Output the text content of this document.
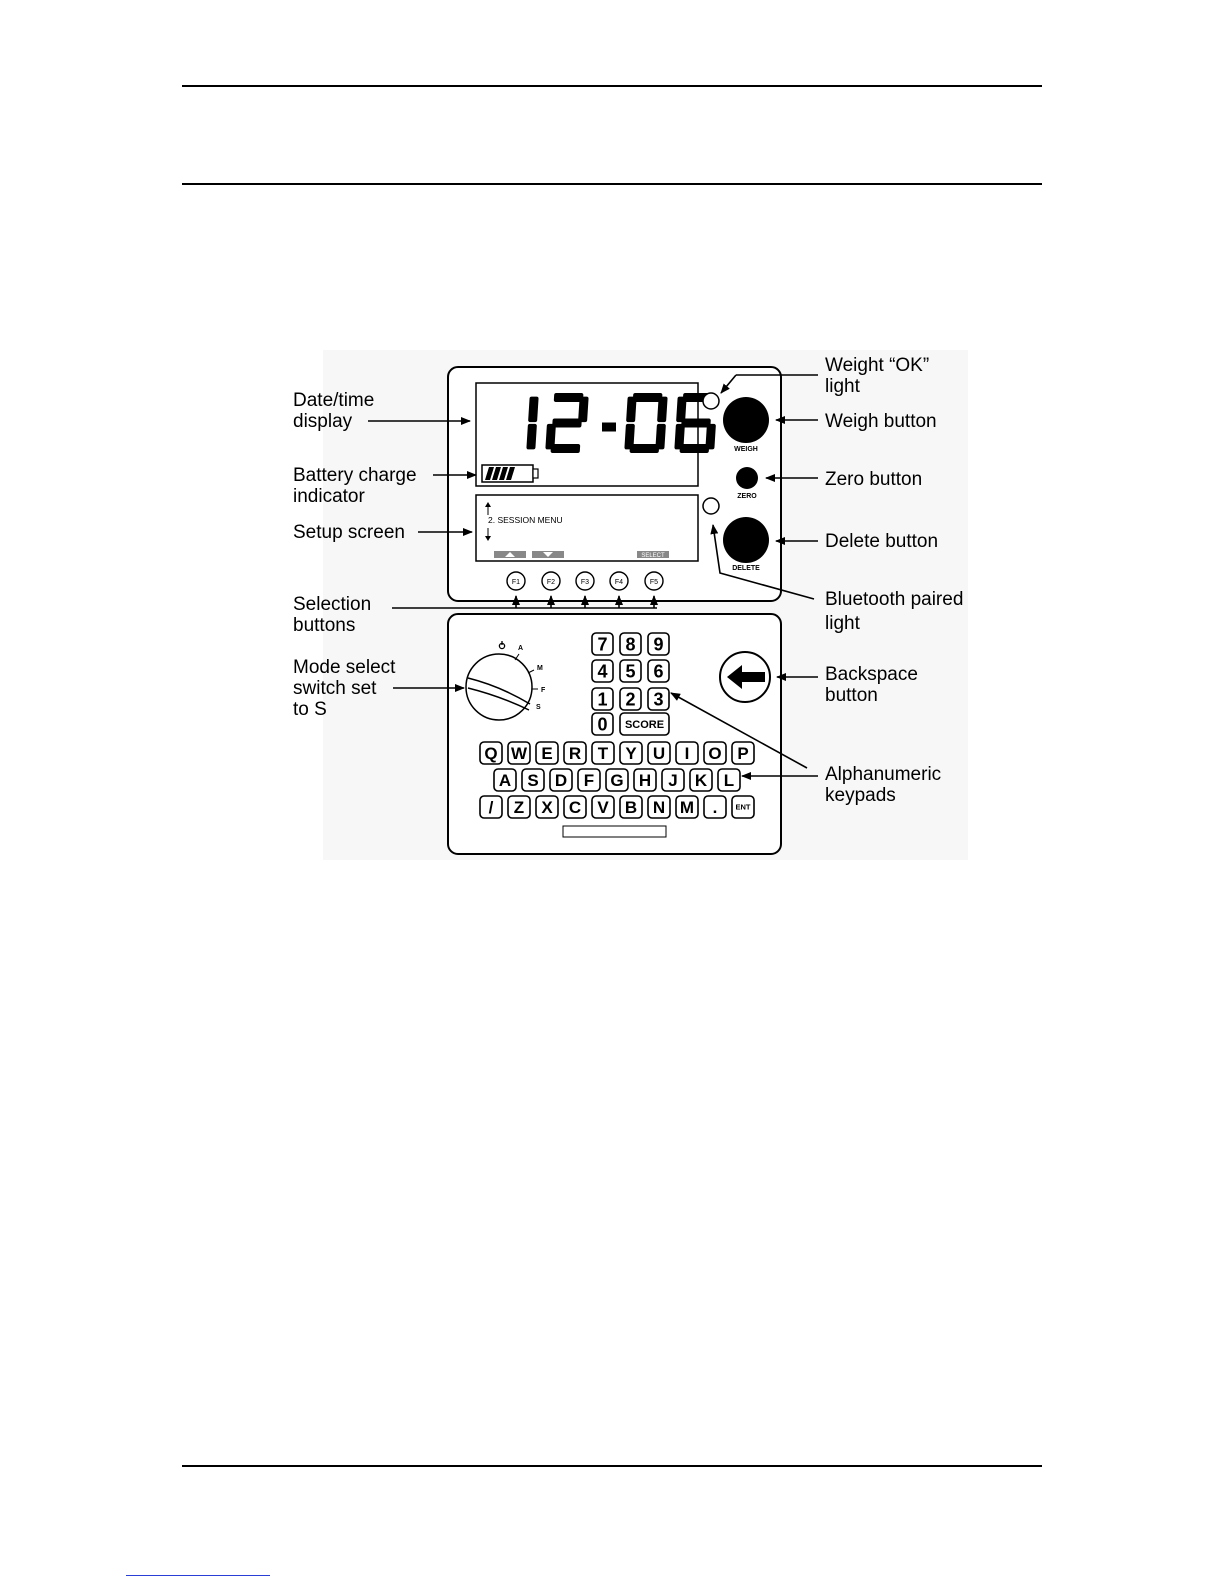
12-06
2. SESSION MENU
SELECT
WEIGH
ZERO
DELETE
F1	F2	F3	F4	F5
A
M
F
S
7 8 9
4 5 6
1 2 3
0 SCORE
Q W E R T Y U I O P
A S D F G H J K L
/ Z X C V B N M . ENT
Date/time display
Battery charge indicator
Setup screen
Selection buttons
Mode select switch set to S
Weight “OK” light
Weigh button
Zero button
Delete button
Bluetooth paired light
Backspace button
Alphanumeric keypads
